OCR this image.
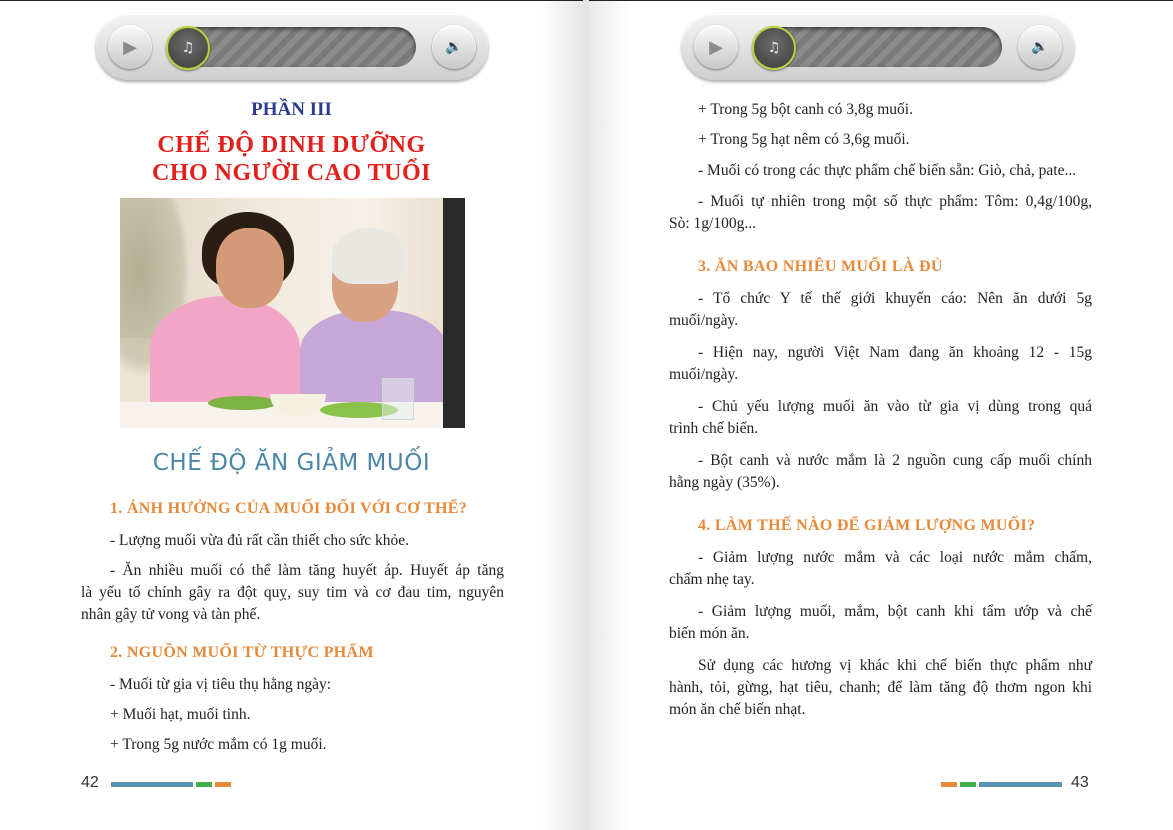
▶	♫	🔉
PHẦN III
CHẾ ĐỘ DINH DƯỠNG
CHO NGƯỜI CAO TUỔI
CHẾ ĐỘ ĂN GIẢM MUỐI
1. ẢNH HƯỞNG CỦA MUỐI ĐỐI VỚI CƠ THỂ?
- Lượng muối vừa đủ rất cần thiết cho sức khỏe.
- Ăn nhiều muối có thể làm tăng huyết áp. Huyết áp tăng
là yếu tố chính gây ra đột quỵ, suy tim và cơ đau tim, nguyên
nhân gây tử vong và tàn phế.
2. NGUỒN MUỐI TỪ THỰC PHẨM
- Muối từ gia vị tiêu thụ hằng ngày:
+ Muối hạt, muối tinh.
+ Trong 5g nước mắm có 1g muối.
42
▶	♫	🔉
+ Trong 5g bột canh có 3,8g muối.
+ Trong 5g hạt nêm có 3,6g muối.
- Muối có trong các thực phẩm chế biến sẵn: Giò, chả, pate...
- Muối tự nhiên trong một số thực phẩm: Tôm: 0,4g/100g,
Sò: 1g/100g...
3. ĂN BAO NHIÊU MUỐI LÀ ĐỦ
- Tổ chức Y tế thế giới khuyến cáo: Nên ăn dưới 5g
muối/ngày.
- Hiện nay, người Việt Nam đang ăn khoảng 12 - 15g
muối/ngày.
- Chủ yếu lượng muối ăn vào từ gia vị dùng trong quá
trình chế biến.
- Bột canh và nước mắm là 2 nguồn cung cấp muối chính
hằng ngày (35%).
4. LÀM THẾ NÀO ĐỂ GIẢM LƯỢNG MUỐI?
- Giảm lượng nước mắm và các loại nước mắm chấm,
chấm nhẹ tay.
- Giảm lượng muối, mắm, bột canh khi tẩm ướp và chế
biến món ăn.
Sử dụng các hương vị khác khi chế biến thực phẩm như
hành, tỏi, gừng, hạt tiêu, chanh; để làm tăng độ thơm ngon khi
món ăn chế biến nhạt.
43
